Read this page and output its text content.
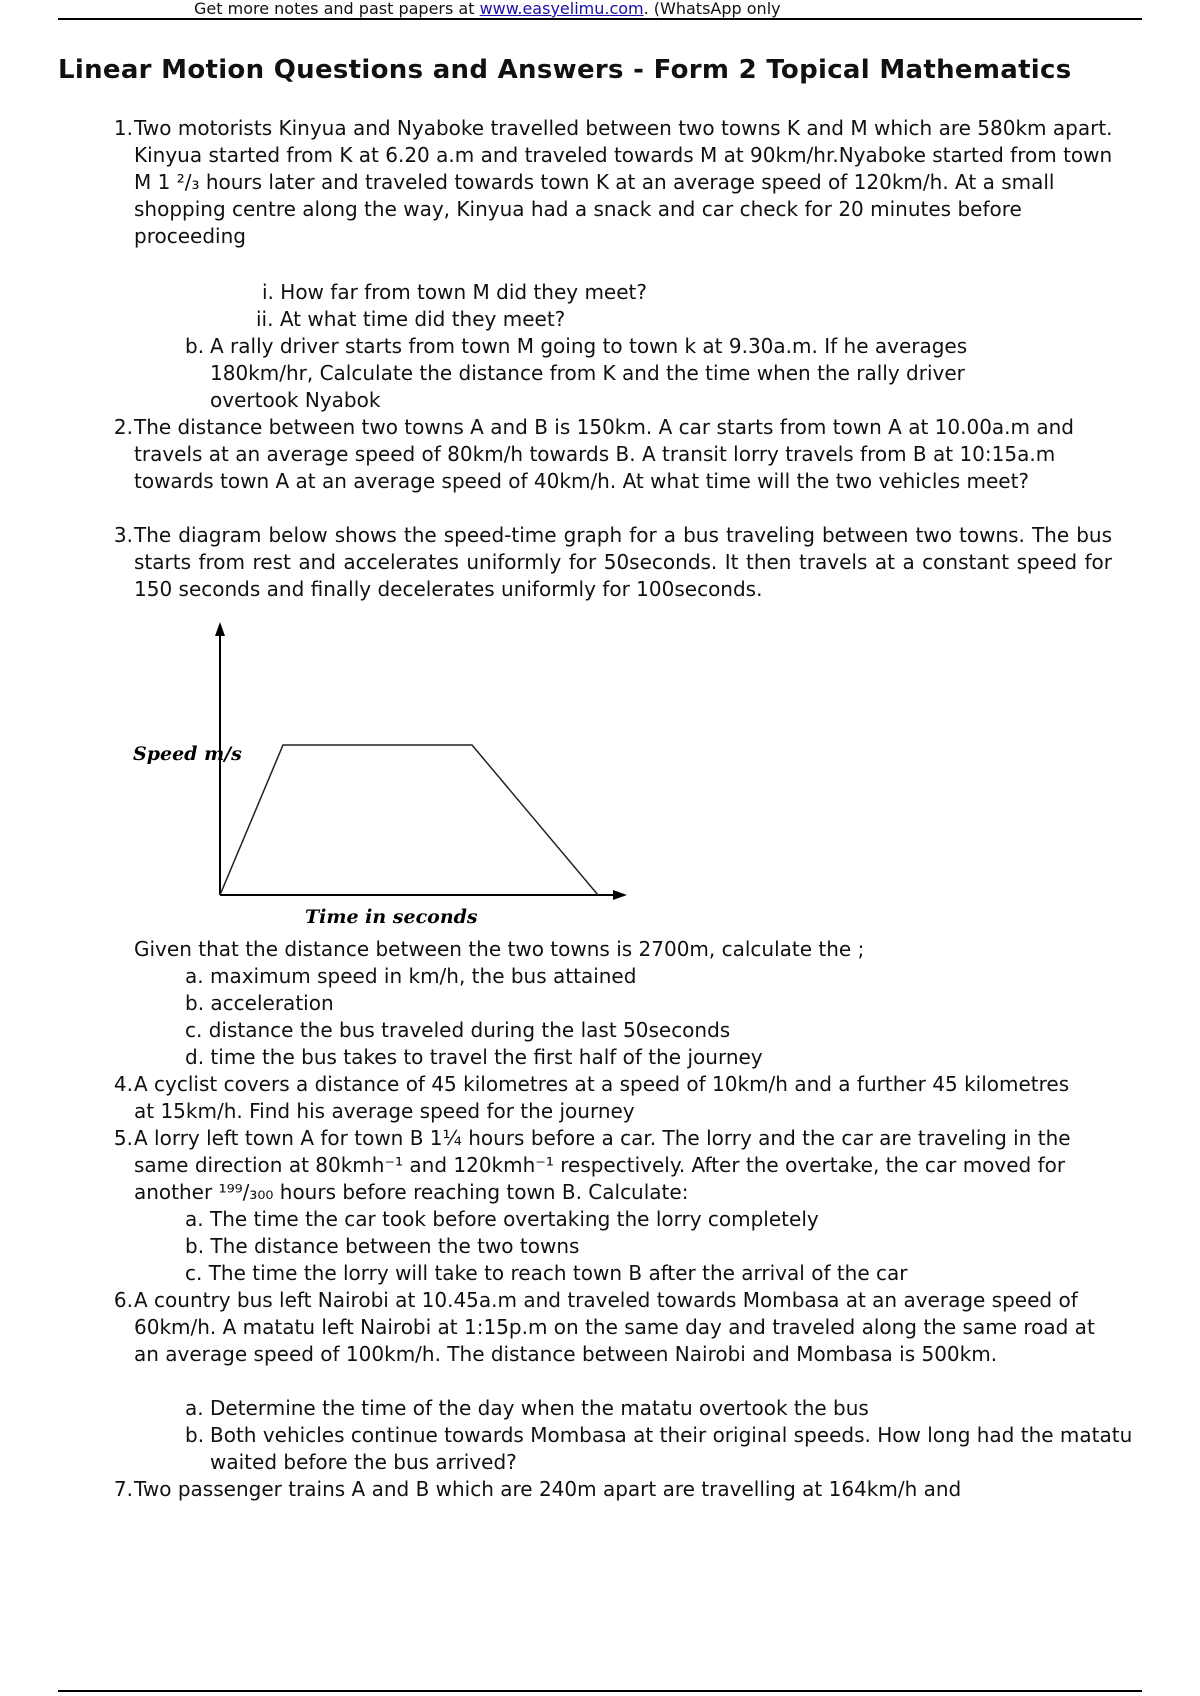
Get more notes and past papers at www.easyelimu.com. (WhatsApp only
Linear Motion Questions and Answers - Form 2 Topical Mathematics
1. Two motorists Kinyua and Nyaboke travelled between two towns K and M which are 580km apart. Kinyua started from K at 6.20 a.m and traveled towards M at 90km/hr.Nyaboke started from town M 1 ²/₃ hours later and traveled towards town K at an average speed of 120km/h. At a small shopping centre along the way, Kinyua had a snack and car check for 20 minutes before proceeding
i. How far from town M did they meet?
ii. At what time did they meet?
b. A rally driver starts from town M going to town k at 9.30a.m. If he averages 180km/hr, Calculate the distance from K and the time when the rally driver overtook Nyabok
2. The distance between two towns A and B is 150km. A car starts from town A at 10.00a.m and travels at an average speed of 80km/h towards B. A transit lorry travels from B at 10:15a.m towards town A at an average speed of 40km/h. At what time will the two vehicles meet?
3. The diagram below shows the speed-time graph for a bus traveling between two towns. The bus starts from rest and accelerates uniformly for 50seconds. It then travels at a constant speed for 150 seconds and finally decelerates uniformly for 100seconds.
Speed m/s
Time in seconds
Given that the distance between the two towns is 2700m, calculate the ;
a. maximum speed in km/h, the bus attained
b. acceleration
c. distance the bus traveled during the last 50seconds
d. time the bus takes to travel the first half of the journey
4. A cyclist covers a distance of 45 kilometres at a speed of 10km/h and a further 45 kilometres at 15km/h. Find his average speed for the journey
5. A lorry left town A for town B 1¼ hours before a car. The lorry and the car are traveling in the same direction at 80kmh⁻¹ and 120kmh⁻¹ respectively. After the overtake, the car moved for another ¹⁹⁹/₃₀₀ hours before reaching town B. Calculate:
a. The time the car took before overtaking the lorry completely
b. The distance between the two towns
c. The time the lorry will take to reach town B after the arrival of the car
6. A country bus left Nairobi at 10.45a.m and traveled towards Mombasa at an average speed of 60km/h. A matatu left Nairobi at 1:15p.m on the same day and traveled along the same road at an average speed of 100km/h. The distance between Nairobi and Mombasa is 500km.
a. Determine the time of the day when the matatu overtook the bus
b. Both vehicles continue towards Mombasa at their original speeds. How long had the matatu waited before the bus arrived?
7. Two passenger trains A and B which are 240m apart are travelling at 164km/h and
